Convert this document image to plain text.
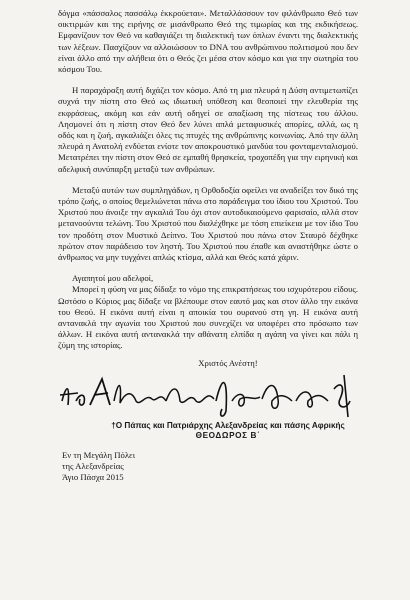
δόγμα «πάσσαλος πασσάλῳ ἐκκρούεται». Μεταλλάσσουν τον φιλάνθρωπο Θεό των οικτιρμών και της ειρήνης σε μισάνθρωπο Θεό της τιμωρίας και της εκδικήσεως. Εμφανίζουν τον Θεό να καθαγιάζει τη διαλεκτική των όπλων έναντι της διαλεκτικής των λέξεων. Πασχίζουν να αλλοιώσουν το DNA του ανθρώπινου πολιτισμού που δεν είναι άλλο από την αλήθεια ότι ο Θεός ζει μέσα στον κόσμο και για την σωτηρία του κόσμου Του.

Η παραχάραξη αυτή διχάζει τον κόσμο. Από τη μια πλευρά η Δύση αντιμετωπίζει συχνά την πίστη στο Θεό ως ιδιωτική υπόθεση και θεοποιεί την ελευθερία της εκφράσεως, ακόμη και εάν αυτή οδηγεί σε απαξίωση της πίστεως του άλλου. Λησμονεί ότι η πίστη στον Θεό δεν λύνει απλά μεταφυσικές απορίες, αλλά, ως η οδός και η ζωή, αγκαλιάζει όλες τις πτυχές της ανθρώπινης κοινωνίας. Από την άλλη πλευρά η Ανατολή ενδύεται ενίοτε τον αποκρουστικό μανδύα του φονταμενταλισμού. Μετατρέπει την πίστη στον Θεό σε εμπαθή θρησκεία, τροχοπέδη για την ειρηνική και αδελφική συνύπαρξη μεταξύ των ανθρώπων.

Μεταξύ αυτών των συμπληγάδων, η Ορθοδοξία οφείλει να αναδείξει τον δικό της τρόπο ζωής, ο οποίος θεμελιώνεται πάνω στο παράδειγμα του ίδιου του Χριστού. Του Χριστού που άνοιξε την αγκαλιά Του όχι στον αυτοδικαιούμενο φαρισαίο, αλλά στον μετανοούντα τελώνη. Του Χριστού που διαλέχθηκε με τόση επιείκεια με τον ίδιο Του τον προδότη στον Μυστικό Δείπνο. Του Χριστού που πάνω στον Σταυρό δέχθηκε πρώτον στον παράδεισο τον ληστή. Του Χριστού που έπαθε και αναστήθηκε ώστε ο άνθρωπος να μην τυγχάνει απλώς κτίσμα, αλλά και Θεός κατά χάριν.

Αγαπητοί μου αδελφοί,

Μπορεί η φύση να μας δίδαξε το νόμο της επικρατήσεως του ισχυρότερου είδους. Ωστόσο ο Κύριος μας δίδαξε να βλέπουμε στον εαυτό μας και στον άλλο την εικόνα του Θεού. Η εικόνα αυτή είναι η αποικία του ουρανού στη γη. Η εικόνα αυτή αντανακλά την αγωνία του Χριστού που συνεχίζει να υποφέρει στο πρόσωπο των άλλων. Η εικόνα αυτή αντανακλά την αθάνατη ελπίδα η αγάπη να γίνει και πάλι η ζύμη της ιστορίας.

Χριστός Ανέστη!

†Ο Πάπας και Πατριάρχης Αλεξανδρείας και πάσης Αφρικής

ΘΕΟΔΩΡΟΣ Β΄

Εν τη Μεγάλη Πόλει
της Αλεξανδρείας
Άγιο Πάσχα 2015
